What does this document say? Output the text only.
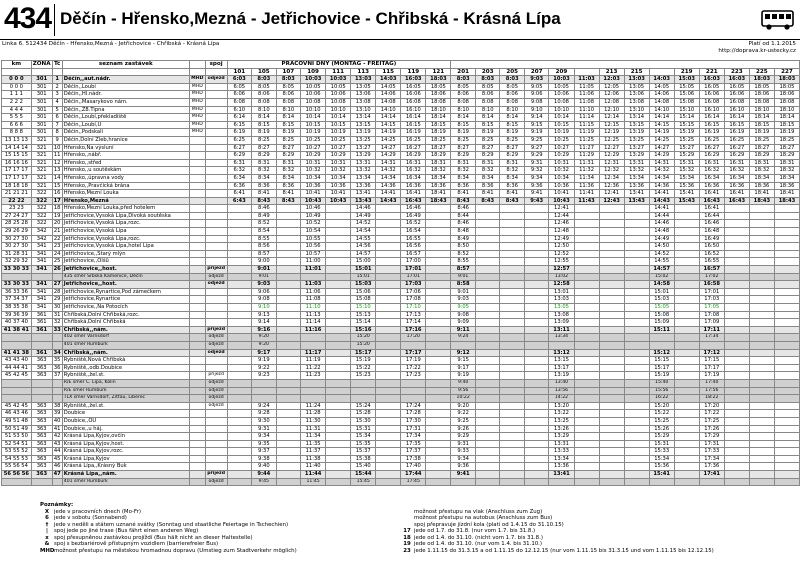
434 Děčín - Hřensko,Mezná - Jetřichovice - Chřibská - Krásná Lípa
Linka 6. 512434 Děčín - Hřensko,Mezná - Jetřichovice - Chřibská - Krásná Lípa	Platí od 1.1.2015
http://doprava.kr-ustecky.cz
km	ZÓNA	Tč	seznam zastávek		spoj	PRACOVNÍ DNY (MONTAG - FREITAG)									SOBOTY A NEDĚLE (SAMSTAG, SONNTAG und FEIERTAGE)													
						101	105	107	109	111	113	115	119	121	201	203	205	207	209	211	213	215	217	219	221	223	225	227
0 0 0	301	1	Děčín,,aut.nádr.	MHD	odjezd	6:03	8:03	8:03	10:03	10:03	13:03	14:03	16:03	18:03	8:03	8:03	8:03	9:03	10:03	11:03	12:03	13:03	14:03	15:03	16:03	16:03	18:03	18:03
0 0 0	301	2	Děčín,,Loubí	MHD		6:05	8:05	8:05	10:05	10:05	13:05	14:05	16:05	18:05	8:05	8:05	8:05	9:05	10:05	11:05	12:05	13:05	14:05	15:05	16:05	16:05	18:05	18:05
1 1 1	301	3	Děčín,,Hl.nádr.	MHD		6:06	8:06	8:06	10:06	10:06	13:06	14:06	16:06	18:06	8:06	8:06	8:06	9:06	10:06	11:06	12:06	13:06	14:06	15:06	16:06	16:06	18:06	18:06
2 2 2	301	4	Děčín,,Masarykovo nám.	MHD		6:08	8:08	8:08	10:08	10:08	13:08	14:08	16:08	18:08	8:08	8:08	8:08	9:08	10:08	11:08	12:08	13:08	14:08	15:08	16:08	16:08	18:08	18:08
4 4 4	301	5	Děčín,,Ž8.Ťipna	MHD		6:10	8:10	8:10	10:10	10:10	13:10	14:10	16:10	18:10	8:10	8:10	8:10	9:10	10:10	11:10	12:10	13:10	14:10	15:10	16:10	16:10	18:10	18:10
5 5 5	301	6	Děčín,,Loubí,překladiště	MHD		6:14	8:14	8:14	10:14	10:14	13:14	14:14	16:14	18:14	8:14	8:14	8:14	9:14	10:14	11:14	12:14	13:14	14:14	15:14	16:14	16:14	18:14	18:14
6 6 6	301	7	Děčín,,Loubí,U	MHD		6:15	8:15	8:15	10:15	10:15	13:15	14:15	16:15	18:15	8:15	8:15	8:15	9:15	10:15	11:15	12:15	13:15	14:15	15:15	16:15	16:15	18:15	18:15
8 8 8	301	8	Děčín,,Podskalí	MHD		6:19	8:19	8:19	10:19	10:19	13:19	14:19	16:19	18:19	8:19	8:19	8:19	9:19	10:19	11:19	12:19	13:19	14:19	15:19	16:19	16:19	18:19	18:19
13 13 13	321	9	Děčín,Dolní Žleb,hranice			6:25	8:25	8:25	10:25	10:25	13:25	14:25	16:25	18:25	8:25	8:25	8:25	9:25	10:25	11:25	12:25	13:25	14:25	15:25	16:25	16:25	18:25	18:25
14 14 14	321	10	Hřensko,Na výsluní			6:27	8:27	8:27	10:27	10:27	13:27	14:27	16:27	18:27	8:27	8:27	8:27	9:27	10:27	11:27	12:27	13:27	14:27	15:27	16:27	16:27	18:27	18:27
15 15 15	321	11	Hřensko,,nábř.			6:29	8:29	8:29	10:29	10:29	13:29	14:29	16:29	18:29	8:29	8:29	8:29	9:29	10:29	11:29	12:29	13:29	14:29	15:29	16:29	16:29	18:29	18:29
16 16 16	321	12	Hřensko,,střed			6:31	8:31	8:31	10:31	10:31	13:31	14:31	16:31	18:31	8:31	8:31	8:31	9:31	10:31	11:31	12:31	13:31	14:31	15:31	16:31	16:31	18:31	18:31
17 17 17	321	13	Hřensko,,u soutěskám			6:32	8:32	8:32	10:32	10:32	13:32	14:32	16:32	18:32	8:32	8:32	8:32	9:32	10:32	11:32	12:32	13:32	14:32	15:32	16:32	16:32	18:32	18:32
17 17 17	321	14	Hřensko,,úpravna vody			6:34	8:34	8:34	10:34	10:34	13:34	14:34	16:34	18:34	8:34	8:34	8:34	9:34	10:34	11:34	12:34	13:34	14:34	15:34	16:34	16:34	18:34	18:34
18 18 18	321	15	Hřensko,,Pravčická brána			6:36	8:36	8:36	10:36	10:36	13:36	14:36	16:36	18:36	8:36	8:36	8:36	9:36	10:36	11:36	12:36	13:36	14:36	15:36	16:36	16:36	18:36	18:36
21 21 21	322	16	Hřensko,Mezní Louka			6:41	8:41	8:41	10:41	10:41	13:41	14:41	16:41	18:41	8:41	8:41	8:41	9:41	10:41	11:41	12:41	13:41	14:41	15:41	16:41	16:41	18:41	18:41
22 22	322	17	Hřensko,Mezná			6:43	8:43	8:43	10:43	10:43	13:43	14:43	16:43	18:43	8:43	8:43	8:43	9:43	10:43	11:43	12:43	13:43	14:43	15:43	16:43	16:43	18:43	18:43
23 23	322	18	Hřensko,Mezní Louka,před hotelem				8:46		10:46		14:46		16:46		8:46				12:41				14:41		16:41			
27 24 27	322	19	Jetřichovice,Vysoká Lípa,Divoká soutěska				8:49		10:49		14:49		16:49		8:44				12:44				14:44		16:44			
28 25 28	322	20	Jetřichovice,Vysoká Lípa,rozc.				8:52		10:52		14:52		16:52		8:46				12:46				14:46		16:46			
29 26 29	342	21	Jetřichovice,Vysoká Lípa				8:54		10:54		14:54		16:54		8:48				12:48				14:48		16:48			
30 27 30	342	22	Jetřichovice,Vysoká Lípa,rozc.				8:55		10:55		14:55		16:55		8:49				12:49				14:49		16:49			
30 27 30	341	23	Jetřichovice,Vysoká Lípa,hotel Lípa				8:56		10:56		14:56		16:56		8:50				12:50				14:50		16:50			
31 28 31	341	24	Jetřichovice,,Starý mlýn				8:57		10:57		14:57		16:57		8:52				12:52				14:52		16:52			
32 29 32	341	25	Jetřichovice,,Olšů				9:00		11:00		15:00		17:00		8:55				12:55				14:55		16:55			
33 30 33	341	26	Jetřichovice,,host.		příjezd		9:01		11:01		15:01		17:01		8:57				12:57				14:57		16:57			
			435 směr Srbská Kamenice, Děčín		odjezd		9:01				15:01		17:01		9:01				13:02				15:02		17:02			
33 30 33	341	27	Jetřichovice,,host.		odjezd		9:03		11:03		15:03		17:03		8:58				12:58				14:58		16:58			
36 33 36	341	28	Jetřichovice,Rynartice,Pod zámečkem				9:06		11:06		15:06		17:06		9:01				13:01				15:01		17:01			
37 34 37	341	29	Jetřichovice,Rynartice				9:08		11:08		15:08		17:08		9:03				13:03				15:03		17:03			
38 35 38	341	30	Jetřichovice,,Na Potocích				9:10		11:10		15:10		17:10		9:05				13:05				15:05		17:05			
39 36 39	361	31	Chřibská,Dolní Chřibská,rozc.				9:13		11:13		15:13		17:13		9:08				13:08				15:08		17:08			
40 37 40	361	32	Chřibská,Dolní Chřibská				9:14		11:14		15:14		17:14		9:09				13:09				15:09		17:09			
41 38 41	361	33	Chřibská,,nám.		příjezd		9:16		11:16		15:16		17:16		9:11				13:11				15:11		17:11			
			402 směr Varnsdorf		odjezd		9:20				15:20		17:20		9:24				13:34						17:34			
			401 směr Rumburk		odjezd		9:20				15:20																	
41 41 38	361	34	Chřibská,,nám.		odjezd		9:17		11:17		15:17		17:17		9:12				13:12				15:12		17:12			
43 43 40	363	35	Rybniště,Nová Chřibská				9:19		11:19		15:19		17:19		9:15				13:15				15:15		17:15			
44 44 41	363	36	Rybniště,,odb.Doubice				9:22		11:22		15:22		17:22		9:17				13:17				15:17		17:17			
45 42 45	363	37	Rybniště,,žel.st.		příjezd		9:23		11:23		15:23		17:23		9:19				13:19				15:19		17:19			
			R/E směr Č. Lípa, Kolín		odjezd										9:40				13:40				15:40		17:40			
			R/E směr Rumburk		odjezd										9:56				13:56				15:56		17:56			
			TLX směr Varnsdorf, Zittau, Liberec		odjezd										10:22				14:22				16:22		18:22			
45 42 45	363	38	Rybniště,,žel.st.		odjezd		9:24		11:24		15:24		17:24		9:20				13:20				15:20		17:20			
46 43 46	363	39	Doubice				9:28		11:28		15:28		17:28		9:22				13:22				15:22		17:22			
49 51 48	363	40	Doubice,,OÚ				9:30		11:30		15:30		17:30		9:25				13:25				15:25		17:25			
50 51 49	363	41	Doubice,,u háj.				9:31		11:31		15:31		17:31		9:26				13:26				15:26		17:26			
51 53 50	363	42	Krásná Lípa,Kyjov,ovčín				9:34		11:34		15:34		17:34		9:29				13:29				15:29		17:29			
52 54 51	363	43	Krásná Lípa,Kyjov,host.				9:35		11:35		15:35		17:35		9:31				13:31				15:31		17:31			
53 55 52	363	44	Krásná Lípa,Kyjov,rozc.				9:37		11:37		15:37		17:37		9:33				13:33				15:33		17:33			
54 55 53	363	45	Krásná Lípa,Kyjov				9:38		11:38		15:38		17:38		9:34				13:34				15:34		17:34			
55 56 54	363	46	Krásná Lípa,,Krásný Buk				9:40		11:40		15:40		17:40		9:36				13:36				15:36		17:36			
56 56 56	363	47	Krásná Lípa,,nám.		příjezd		9:44		11:44		15:44		17:44		9:41				13:41				15:41		17:41			
			401 směr Rumburk		odjezd		9:45		11:45		15:45		17:45															
Poznámky:
X jede v pracovních dnech (Mo-Fr)
6 jede v sobotu (Sonnabend)
† jede v neděli a státem uznané svátky (Sonntag und staatliche Feiertage in Tschechien)
| spoj jede po jiné trase (Bus fährt einen anderen Weg)
x spoj přesupněnou zastávkou projíždí (Bus hält nicht an dieser Haltestelle)
& spoj s bezbariérově přístupným vozidlem (barrierefreier Bus)
MHDmožnost přestupu na městskou hromadnou dopravu (Umstieg zum Stadtverkehr möglich)
možnost přestupu na vlak (Anschluss zum Zug)
možnost přestupu na autobus (Anschluss zum Bus)
spoj přepravuje jízdní kola (platí od 1.4.15 do 31.10.15)
17 jede od 1.7. do 31.8. (nur vom 1.7. bis 31.8.)
18 jede od 1.4. do 31.10. (nicht vom 1.7. bis 31.8.)
19 jede od 1.4. do 31.10. (nur vom 1.4. bis 31.10.)
23 jede 1.11.15 do 31.3.15 a od 1.11.15 do 12.12.15 (nur vom 1.11.15 bis 31.3.15 und vom 1.11.15 bis 12.12.15)
